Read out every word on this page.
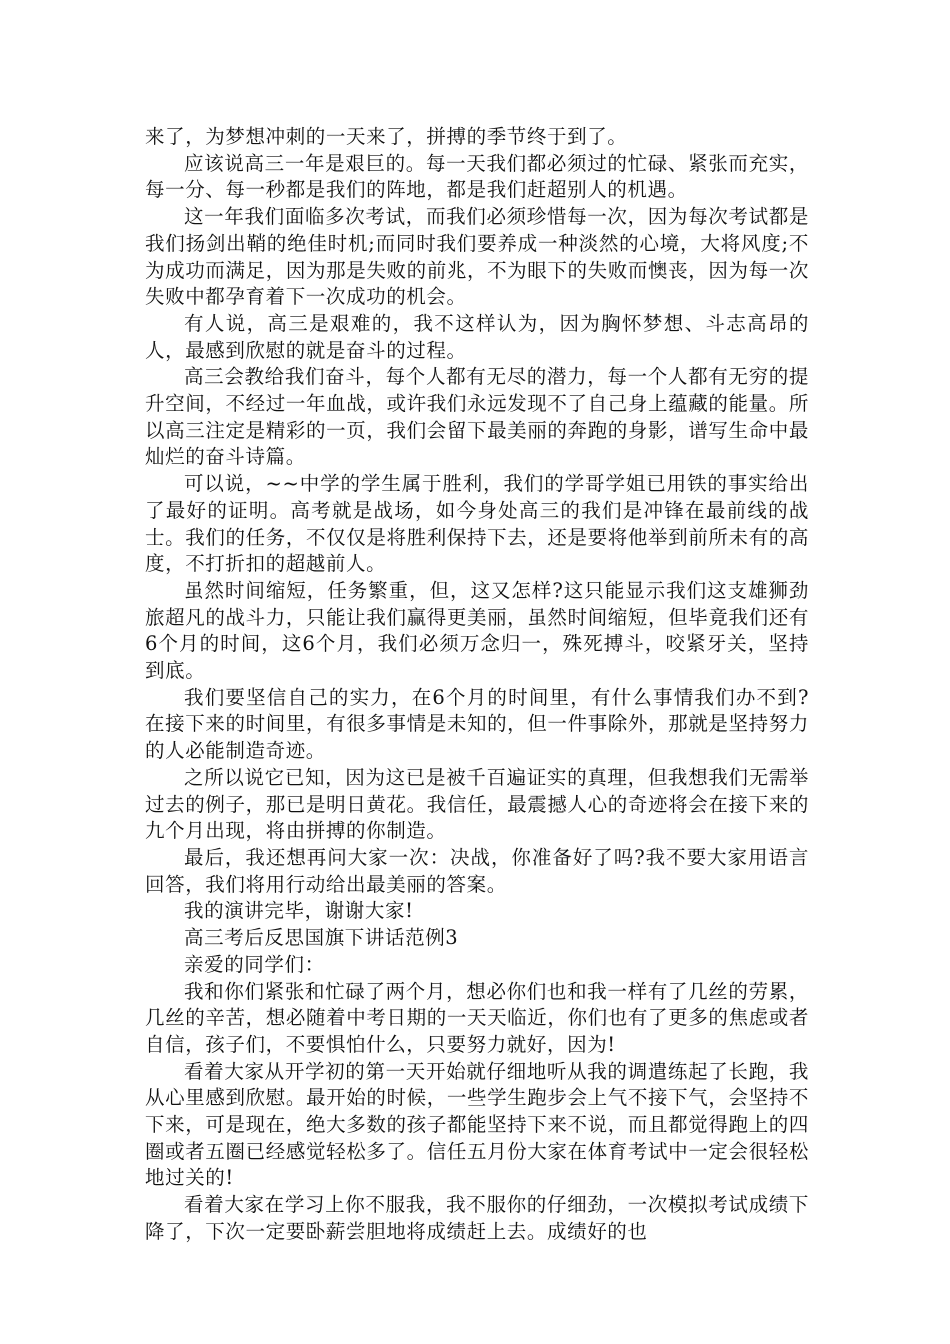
来了，为梦想冲刺的一天来了，拼搏的季节终于到了。

应该说高三一年是艰巨的。每一天我们都必须过的忙碌、紧张而充实，每一分、每一秒都是我们的阵地，都是我们赶超别人的机遇。

这一年我们面临多次考试，而我们必须珍惜每一次，因为每次考试都是我们扬剑出鞘的绝佳时机;而同时我们要养成一种淡然的心境，大将风度;不为成功而满足，因为那是失败的前兆，不为眼下的失败而懊丧，因为每一次失败中都孕育着下一次成功的机会。

有人说，高三是艰难的，我不这样认为，因为胸怀梦想、斗志高昂的人，最感到欣慰的就是奋斗的过程。

高三会教给我们奋斗，每个人都有无尽的潜力，每一个人都有无穷的提升空间，不经过一年血战，或许我们永远发现不了自己身上蕴藏的能量。所以高三注定是精彩的一页，我们会留下最美丽的奔跑的身影，谱写生命中最灿烂的奋斗诗篇。

可以说，~~中学的学生属于胜利，我们的学哥学姐已用铁的事实给出了最好的证明。高考就是战场，如今身处高三的我们是冲锋在最前线的战士。我们的任务，不仅仅是将胜利保持下去，还是要将他举到前所未有的高度，不打折扣的超越前人。

虽然时间缩短，任务繁重，但，这又怎样?这只能显示我们这支雄狮劲旅超凡的战斗力，只能让我们赢得更美丽，虽然时间缩短，但毕竟我们还有6个月的时间，这6个月，我们必须万念归一，殊死搏斗，咬紧牙关，坚持到底。

我们要坚信自己的实力，在6个月的时间里，有什么事情我们办不到?在接下来的时间里，有很多事情是未知的，但一件事除外，那就是坚持努力的人必能制造奇迹。

之所以说它已知，因为这已是被千百遍证实的真理，但我想我们无需举过去的例子，那已是明日黄花。我信任，最震撼人心的奇迹将会在接下来的九个月出现，将由拼搏的你制造。

最后，我还想再问大家一次：决战，你准备好了吗?我不要大家用语言回答，我们将用行动给出最美丽的答案。

我的演讲完毕，谢谢大家!

高三考后反思国旗下讲话范例3

亲爱的同学们：

我和你们紧张和忙碌了两个月，想必你们也和我一样有了几丝的劳累，几丝的辛苦，想必随着中考日期的一天天临近，你们也有了更多的焦虑或者自信，孩子们，不要惧怕什么，只要努力就好，因为!

看着大家从开学初的第一天开始就仔细地听从我的调遣练起了长跑，我从心里感到欣慰。最开始的时候，一些学生跑步会上气不接下气，会坚持不下来，可是现在，绝大多数的孩子都能坚持下来不说，而且都觉得跑上的四圈或者五圈已经感觉轻松多了。信任五月份大家在体育考试中一定会很轻松地过关的!

看着大家在学习上你不服我，我不服你的仔细劲，一次模拟考试成绩下降了，下次一定要卧薪尝胆地将成绩赶上去。成绩好的也
